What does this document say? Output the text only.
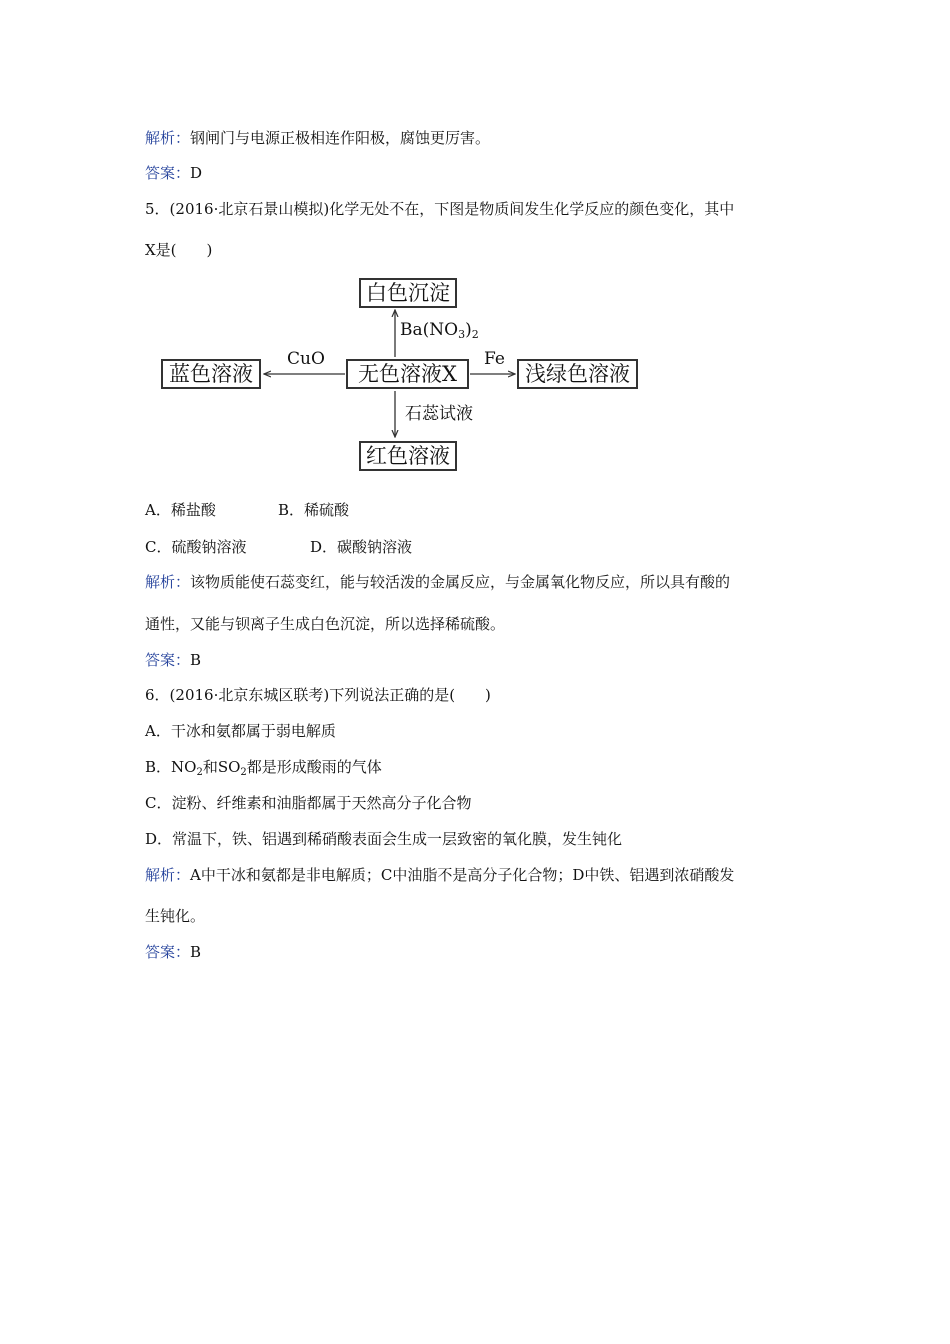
解析：钢闸门与电源正极相连作阳极，腐蚀更厉害。
答案：D
5．(2016·北京石景山模拟)化学无处不在，下图是物质间发生化学反应的颜色变化，其中
X是(　　)
白色沉淀
蓝色溶液	无色溶液X	浅绿色溶液
红色溶液
$Ba(NO_3)_2$
CuO	Fe
石蕊试液
A．稀盐酸	B．稀硫酸
C．硫酸钠溶液	D．碳酸钠溶液
解析：该物质能使石蕊变红，能与较活泼的金属反应，与金属氧化物反应，所以具有酸的
通性，又能与钡离子生成白色沉淀，所以选择稀硫酸。
答案：B
6．(2016·北京东城区联考)下列说法正确的是(　　)
A．干冰和氨都属于弱电解质
B．$NO_2$和$SO_2$都是形成酸雨的气体
C．淀粉、纤维素和油脂都属于天然高分子化合物
D．常温下，铁、铝遇到稀硝酸表面会生成一层致密的氧化膜，发生钝化
解析：A中干冰和氨都是非电解质；C中油脂不是高分子化合物；D中铁、铝遇到浓硝酸发
生钝化。
答案：B
